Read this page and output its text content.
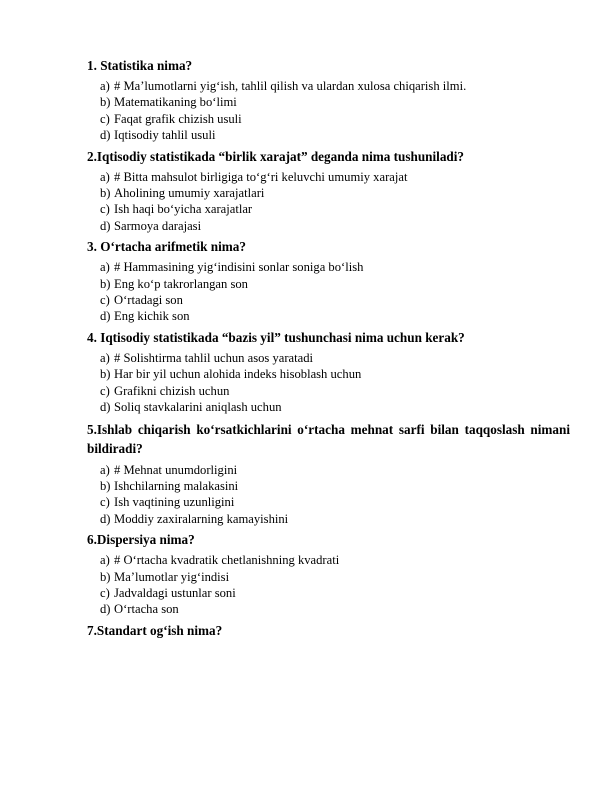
1. Statistika nima?

a) # Ma’lumotlarni yig‘ish, tahlil qilish va ulardan xulosa chiqarish ilmi.
b) Matematikaning bo‘limi
c) Faqat grafik chizish usuli
d) Iqtisodiy tahlil usuli

2.Iqtisodiy statistikada “birlik xarajat” deganda nima tushuniladi?

a) # Bitta mahsulot birligiga to‘g‘ri keluvchi umumiy xarajat
b) Aholining umumiy xarajatlari
c) Ish haqi bo‘yicha xarajatlar
d) Sarmoya darajasi

3. O‘rtacha arifmetik nima?

a) # Hammasining yig‘indisini sonlar soniga bo‘lish
b) Eng ko‘p takrorlangan son
c) O‘rtadagi son
d) Eng kichik son

4. Iqtisodiy statistikada “bazis yil” tushunchasi nima uchun kerak?

a) # Solishtirma tahlil uchun asos yaratadi
b) Har bir yil uchun alohida indeks hisoblash uchun
c) Grafikni chizish uchun
d) Soliq stavkalarini aniqlash uchun

5.Ishlab chiqarish ko‘rsatkichlarini o‘rtacha mehnat sarfi bilan taqqoslash nimani bildiradi?

a) # Mehnat unumdorligini
b) Ishchilarning malakasini
c) Ish vaqtining uzunligini
d) Moddiy zaxiralarning kamayishini

6.Dispersiya nima?

a) # O‘rtacha kvadratik chetlanishning kvadrati
b) Ma’lumotlar yig‘indisi
c) Jadvaldagi ustunlar soni
d) O‘rtacha son

7.Standart og‘ish nima?
